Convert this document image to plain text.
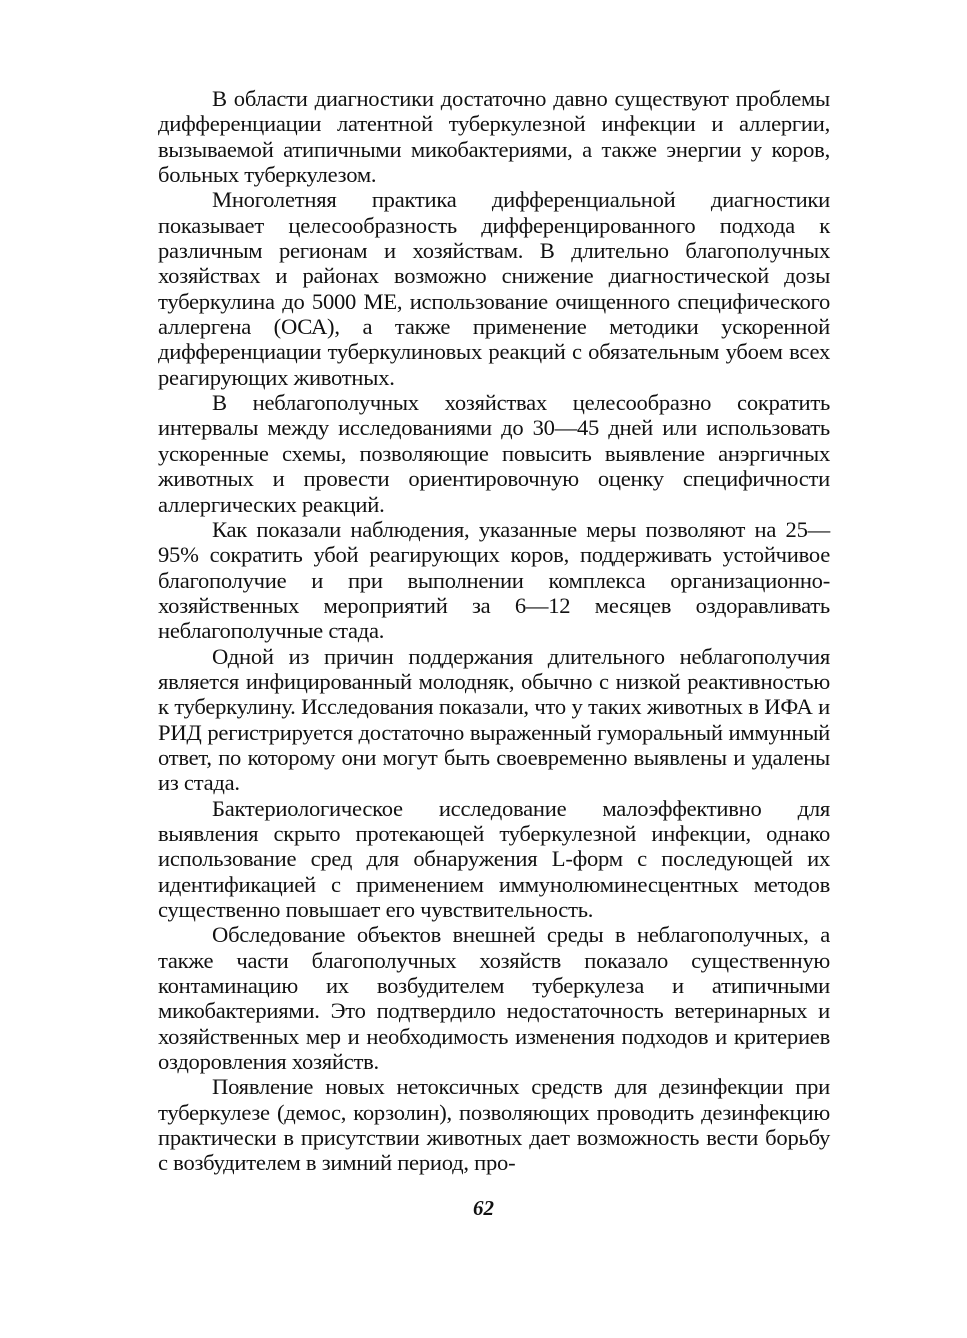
В области диагностики достаточно давно существуют проблемы дифференциации латентной туберкулезной инфекции и аллергии, вызываемой атипичными микобактериями, а также энергии у коров, больных туберкулезом.

Многолетняя практика дифференциальной диагностики показывает целесообразность дифференцированного подхода к различным регионам и хозяйствам. В длительно благополучных хозяйствах и районах возможно снижение диагностической дозы туберкулина до 5000 МЕ, использование очищенного специфического аллергена (ОСА), а также применение методики ускоренной дифференциации туберкулиновых реакций с обязательным убоем всех реагирующих животных.

В неблагополучных хозяйствах целесообразно сократить интервалы между исследованиями до 30—45 дней или использовать ускоренные схемы, позволяющие повысить выявление анэргичных животных и провести ориентировочную оценку специфичности аллергических реакций.

Как показали наблюдения, указанные меры позволяют на 25—95% сократить убой реагирующих коров, поддерживать устойчивое благополучие и при выполнении комплекса организационно-хозяйственных мероприятий за 6—12 месяцев оздоравливать неблагополучные стада.

Одной из причин поддержания длительного неблагополучия является инфицированный молодняк, обычно с низкой реактивностью к туберкулину. Исследования показали, что у таких животных в ИФА и РИД регистрируется достаточно выраженный гуморальный иммунный ответ, по которому они могут быть своевременно выявлены и удалены из стада.

Бактериологическое исследование малоэффективно для выявления скрыто протекающей туберкулезной инфекции, однако использование сред для обнаружения L-форм с последующей их идентификацией с применением иммунолюминесцентных методов существенно повышает его чувствительность.

Обследование объектов внешней среды в неблагополучных, а также части благополучных хозяйств показало существенную контаминацию их возбудителем туберкулеза и атипичными микобактериями. Это подтвердило недостаточность ветеринарных и хозяйственных мер и необходимость изменения подходов и критериев оздоровления хозяйств.

Появление новых нетоксичных средств для дезинфекции при туберкулезе (демос, корзолин), позволяющих проводить дезинфекцию практически в присутствии животных дает возможность вести борьбу с возбудителем в зимний период, про-

62
